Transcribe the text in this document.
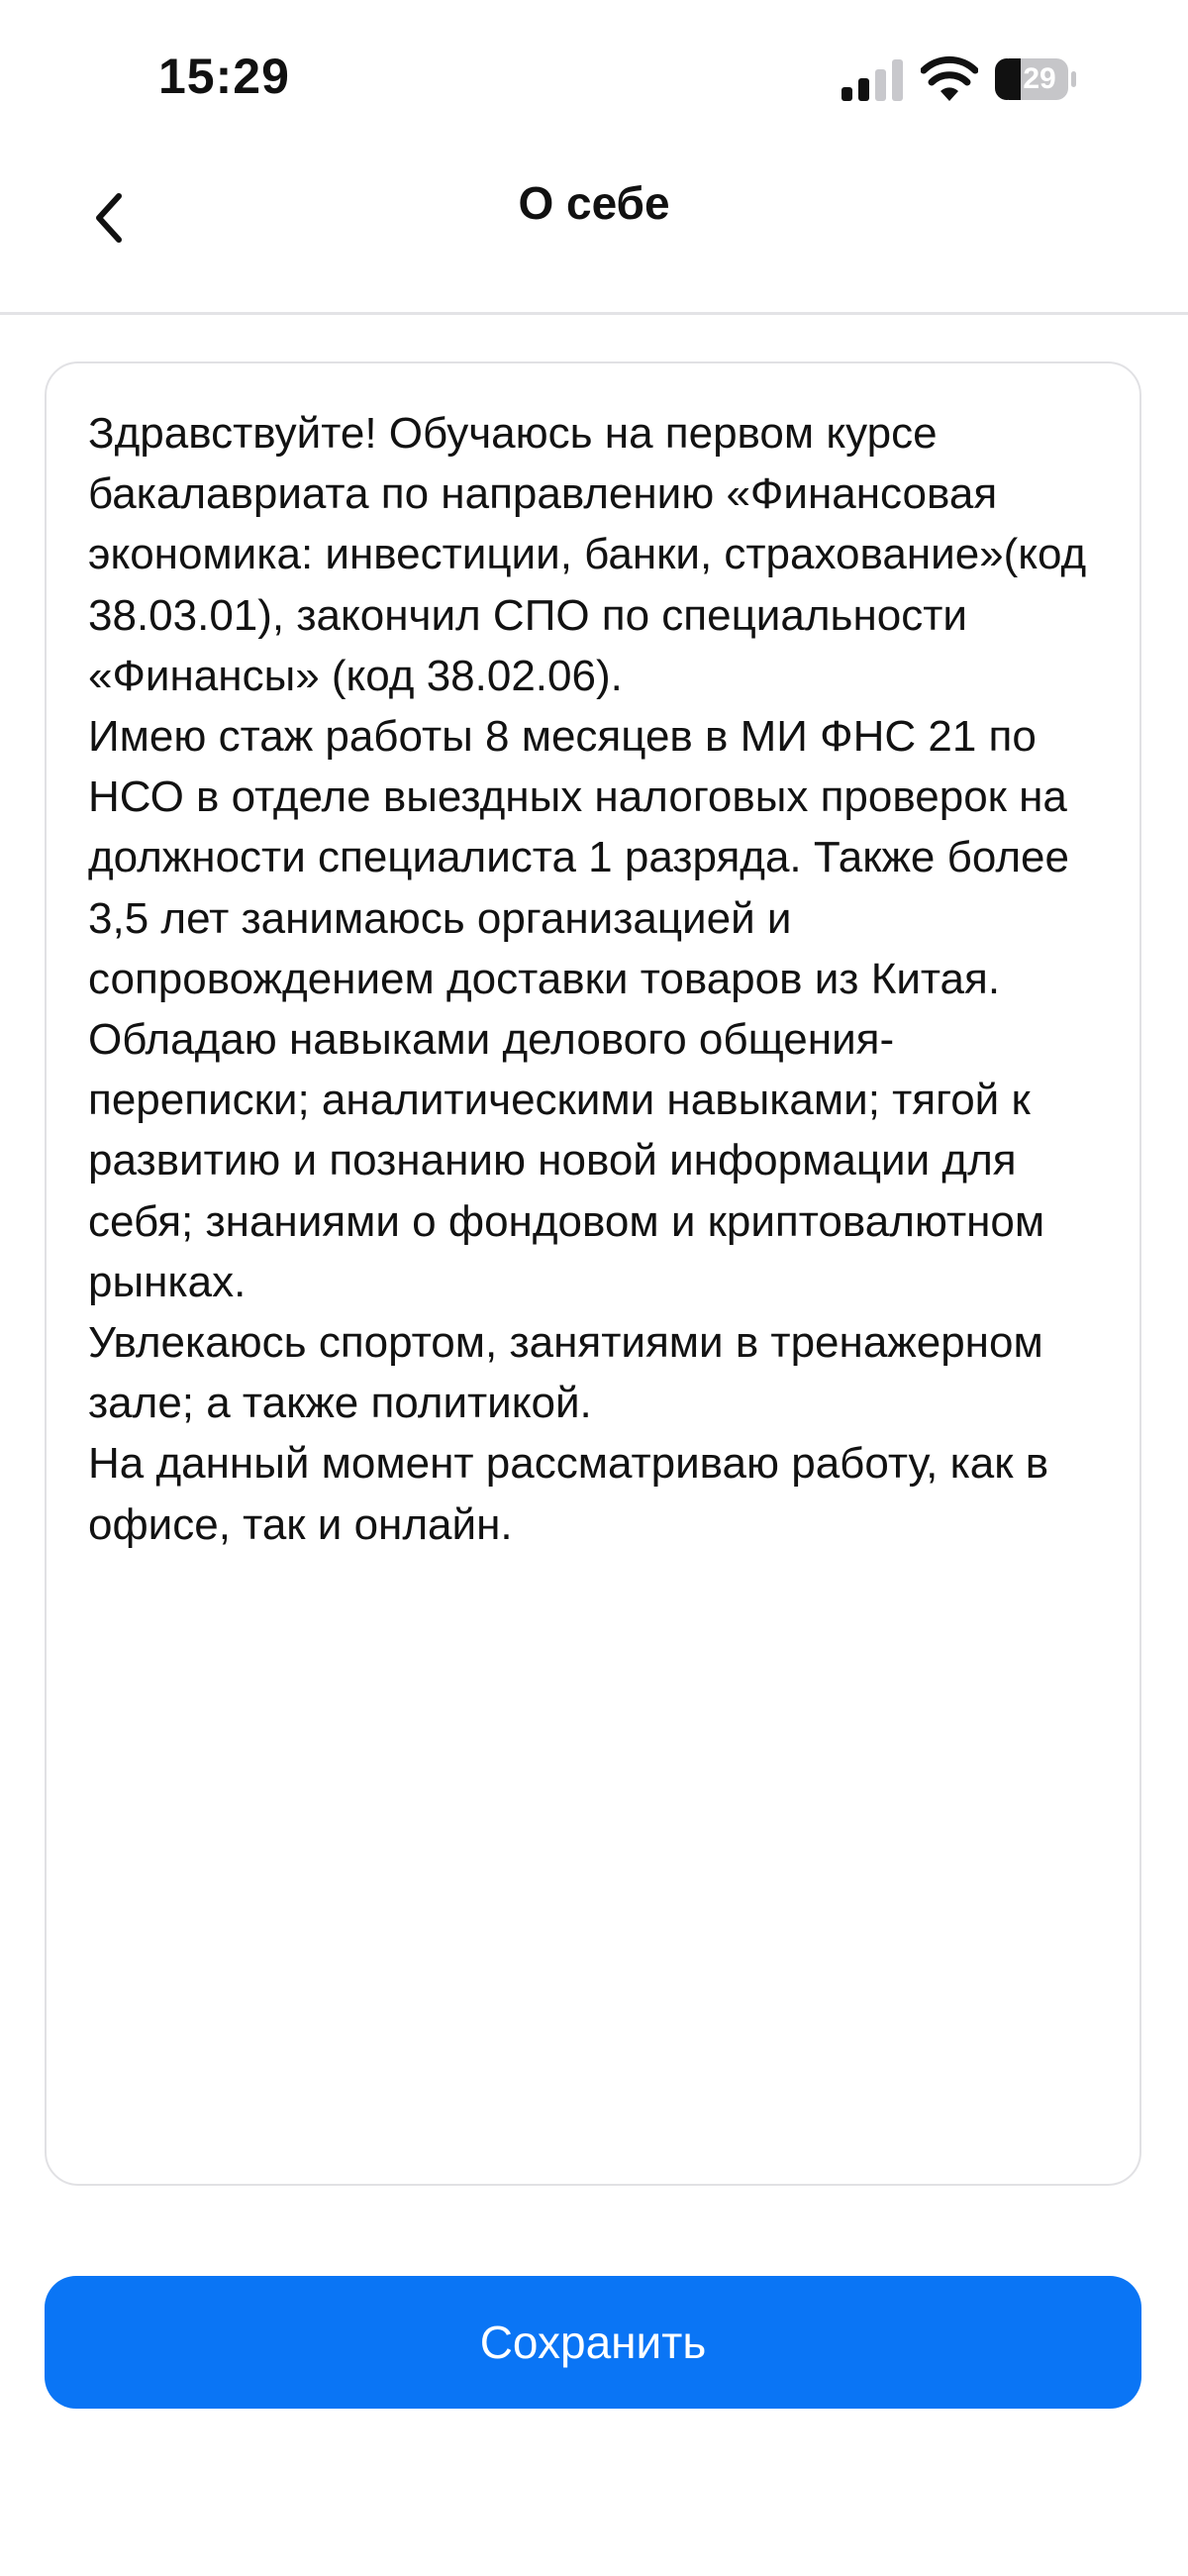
15:29	29
О себе

Здравствуйте! Обучаюсь на первом курсе бакалавриата по направлению «Финансовая экономика: инвестиции, банки, страхование»(код 38.03.01), закончил СПО по специальности «Финансы» (код 38.02.06).
Имею стаж работы 8 месяцев в МИ ФНС 21 по НСО в отделе выездных налоговых проверок на должности специалиста 1 разряда. Также более 3,5 лет занимаюсь организацией и сопровождением доставки товаров из Китая.
Обладаю навыками делового общения-переписки; аналитическими навыками; тягой к развитию и познанию новой информации для себя; знаниями о фондовом и криптовалютном рынках.
Увлекаюсь спортом, занятиями в тренажерном зале; а также политикой.
На данный момент рассматриваю работу, как в офисе, так и онлайн.

Сохранить
